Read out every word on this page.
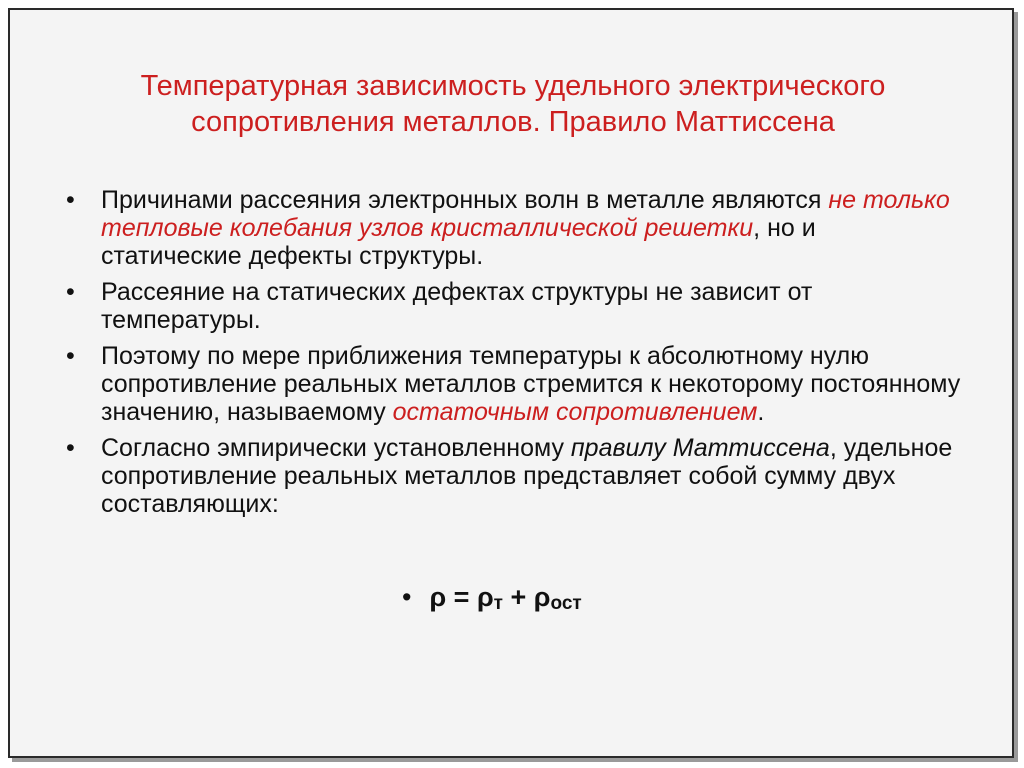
Температурная зависимость удельного электрического
сопротивления металлов. Правило Маттиссена
• Причинами рассеяния электронных волн в металле являются не только тепловые колебания узлов кристаллической решетки, но и статические дефекты структуры.
• Рассеяние на статических дефектах структуры не зависит от температуры.
• Поэтому по мере приближения температуры к абсолютному нулю сопротивление реальных металлов стремится к некоторому постоянному значению, называемому остаточным сопротивлением.
• Согласно эмпирически установленному правилу Маттиссена, удельное сопротивление реальных металлов представляет собой сумму двух составляющих:
• $\rho = \rho_т + \rho_{ост}$
